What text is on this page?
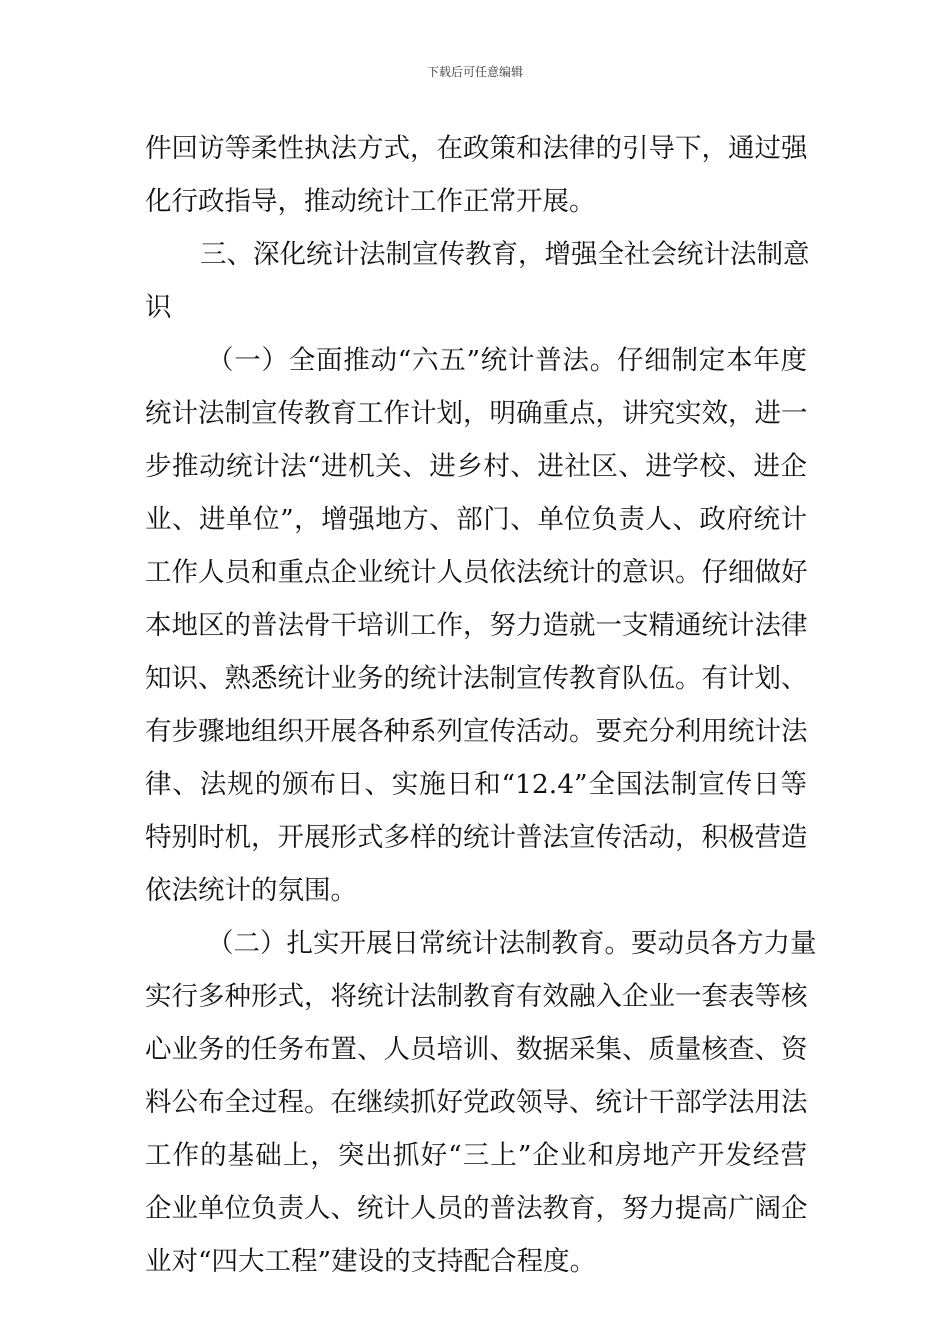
下载后可任意编辑
件回访等柔性执法方式，在政策和法律的引导下，通过强
化行政指导，推动统计工作正常开展。
三、深化统计法制宣传教育，增强全社会统计法制意
识
（一）全面推动“六五”统计普法。仔细制定本年度
统计法制宣传教育工作计划，明确重点，讲究实效，进一
步推动统计法“进机关、进乡村、进社区、进学校、进企
业、进单位”，增强地方、部门、单位负责人、政府统计
工作人员和重点企业统计人员依法统计的意识。仔细做好
本地区的普法骨干培训工作，努力造就一支精通统计法律
知识、熟悉统计业务的统计法制宣传教育队伍。有计划、
有步骤地组织开展各种系列宣传活动。要充分利用统计法
律、法规的颁布日、实施日和“12.4”全国法制宣传日等
特别时机，开展形式多样的统计普法宣传活动，积极营造
依法统计的氛围。
（二）扎实开展日常统计法制教育。要动员各方力量
实行多种形式，将统计法制教育有效融入企业一套表等核
心业务的任务布置、人员培训、数据采集、质量核查、资
料公布全过程。在继续抓好党政领导、统计干部学法用法
工作的基础上，突出抓好“三上”企业和房地产开发经营
企业单位负责人、统计人员的普法教育，努力提高广阔企
业对“四大工程”建设的支持配合程度。
